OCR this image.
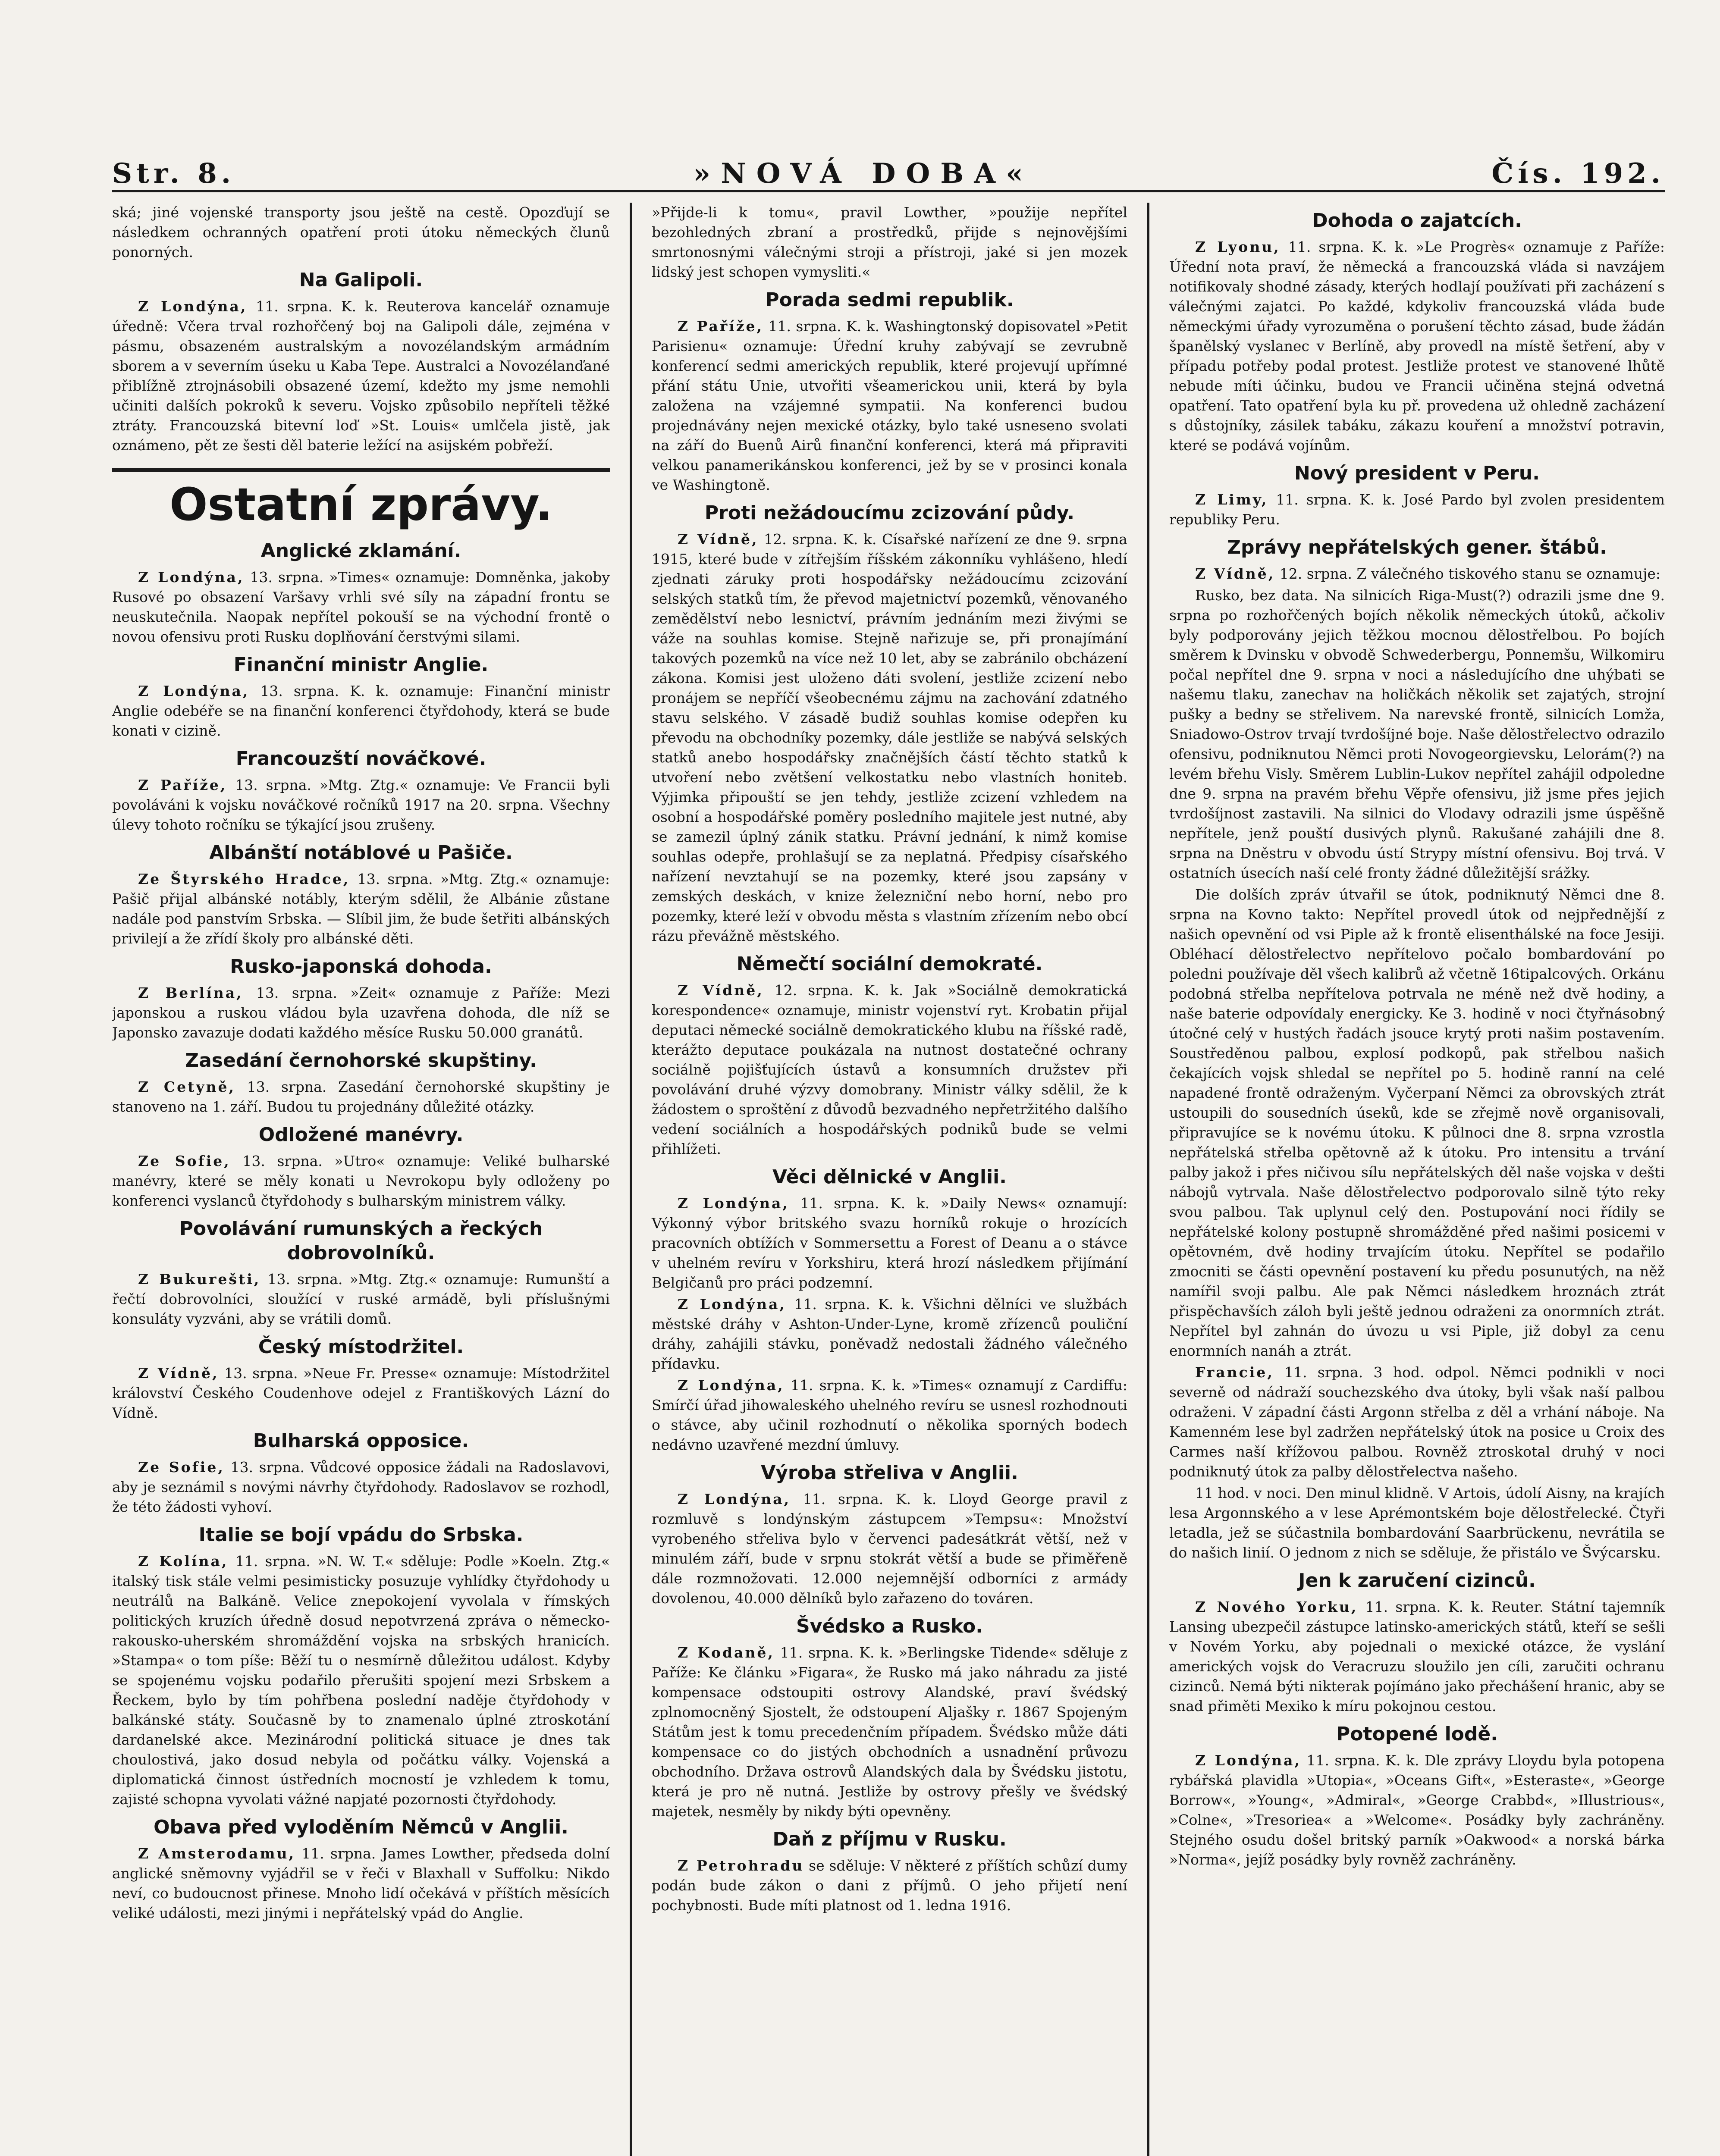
Str. 8.	»NOVÁ DOBA«	Čís. 192.

ská; jiné vojenské transporty jsou ještě na cestě. Opozďují se následkem ochranných opatření proti útoku německých člunů ponorných.

Na Galipoli.

Z Londýna, 11. srpna. K. k. Reuterova kancelář oznamuje úředně: Včera trval rozhořčený boj na Galipoli dále, zejména v pásmu, obsazeném australským a novozélandským armádním sborem a v severním úseku u Kaba Tepe. Australci a Novozélanďané přiblížně ztrojnásobili obsazené území, kdežto my jsme nemohli učiniti dalších pokroků k severu. Vojsko způsobilo nepříteli těžké ztráty. Francouzská bitevní loď »St. Louis« umlčela jistě, jak oznámeno, pět ze šesti děl baterie ležící na asijském pobřeží.

Ostatní zprávy.
Anglické zklamání.

Z Londýna, 13. srpna. »Times« oznamuje: Domněnka, jakoby Rusové po obsazení Varšavy vrhli své síly na západní frontu se neuskutečnila. Naopak nepřítel pokouší se na východní frontě o novou ofensivu proti Rusku doplňování čerstvými silami.

Finanční ministr Anglie.

Z Londýna, 13. srpna. K. k. oznamuje: Finanční ministr Anglie odebéře se na finanční konferenci čtyřdohody, která se bude konati v cizině.

Francouzští nováčkové.

Z Paříže, 13. srpna. »Mtg. Ztg.« oznamuje: Ve Francii byli povoláváni k vojsku nováčkové ročníků 1917 na 20. srpna. Všechny úlevy tohoto ročníku se týkající jsou zrušeny.

Albánští notáblové u Pašiče.

Ze Štyrského Hradce, 13. srpna. »Mtg. Ztg.« oznamuje: Pašič přijal albánské notábly, kterým sdělil, že Albánie zůstane nadále pod panstvím Srbska. — Slíbil jim, že bude šetřiti albánských privilejí a že zřídí školy pro albánské děti.

Rusko-japonská dohoda.

Z Berlína, 13. srpna. »Zeit« oznamuje z Paříže: Mezi japonskou a ruskou vládou byla uzavřena dohoda, dle níž se Japonsko zavazuje dodati každého měsíce Rusku 50.000 granátů.

Zasedání černohorské skupštiny.

Z Cetyně, 13. srpna. Zasedání černohorské skupštiny je stanoveno na 1. září. Budou tu projednány důležité otázky.

Odložené manévry.

Ze Sofie, 13. srpna. »Utro« oznamuje: Veliké bulharské manévry, které se měly konati u Nevrokopu byly odloženy po konferenci vyslanců čtyřdohody s bulharským ministrem války.

Povolávání rumunských a řeckých dobrovolníků.

Z Bukurešti, 13. srpna. »Mtg. Ztg.« oznamuje: Rumunští a řečtí dobrovolníci, sloužící v ruské armádě, byli příslušnými konsuláty vyzváni, aby se vrátili domů.

Český místodržitel.

Z Vídně, 13. srpna. »Neue Fr. Presse« oznamuje: Místodržitel království Českého Coudenhove odejel z Františkových Lázní do Vídně.

Bulharská opposice.

Ze Sofie, 13. srpna. Vůdcové opposice žádali na Radoslavovi, aby je seznámil s novými návrhy čtyřdohody. Radoslavov se rozhodl, že této žádosti vyhoví.

Italie se bojí vpádu do Srbska.

Z Kolína, 11. srpna. »N. W. T.« sděluje: Podle »Koeln. Ztg.« italský tisk stále velmi pesimisticky posuzuje vyhlídky čtyřdohody u neutrálů na Balkáně. Velice znepokojení vyvolala v římských politických kruzích úředně dosud nepotvrzená zpráva o německo-rakousko-uherském shromáždění vojska na srbských hranicích. »Stampa« o tom píše: Běží tu o nesmírně důležitou událost. Kdyby se spojenému vojsku podařilo přerušiti spojení mezi Srbskem a Řeckem, bylo by tím pohřbena poslední naděje čtyřdohody v balkánské státy. Současně by to znamenalo úplné ztroskotání dardanelské akce. Mezinárodní politická situace je dnes tak choulostivá, jako dosud nebyla od počátku války. Vojenská a diplomatická činnost ústředních mocností je vzhledem k tomu, zajisté schopna vyvolati vážné napjaté pozornosti čtyřdohody.

Obava před vyloděním Němců v Anglii.

Z Amsterodamu, 11. srpna. James Lowther, předseda dolní anglické sněmovny vyjádřil se v řeči v Blaxhall v Suffolku: Nikdo neví, co budoucnost přinese. Mnoho lidí očekává v příštích měsících veliké události, mezi jinými i nepřátelský vpád do Anglie.

»Přijde-li k tomu«, pravil Lowther, »použije nepřítel bezohledných zbraní a prostředků, přijde s nejnovějšími smrtonosnými válečnými stroji a přístroji, jaké si jen mozek lidský jest schopen vymysliti.«

Porada sedmi republik.

Z Paříže, 11. srpna. K. k. Washingtonský dopisovatel »Petit Parisienu« oznamuje: Úřední kruhy zabývají se zevrubně konferencí sedmi amerických republik, které projevují upřímné přání státu Unie, utvořiti všeamerickou unii, která by byla založena na vzájemné sympatii. Na konferenci budou projednávány nejen mexické otázky, bylo také usneseno svolati na září do Buenů Airů finanční konferenci, která má připraviti velkou panamerikánskou konferenci, jež by se v prosinci konala ve Washingtoně.

Proti nežádoucímu zcizování půdy.

Z Vídně, 12. srpna. K. k. Císařské nařízení ze dne 9. srpna 1915, které bude v zítřejším říšském zákonníku vyhlášeno, hledí zjednati záruky proti hospodářsky nežádoucímu zcizování selských statků tím, že převod majetnictví pozemků, věnovaného zemědělství nebo lesnictví, právním jednáním mezi živými se váže na souhlas komise. Stejně nařizuje se, při pronajímání takových pozemků na více než 10 let, aby se zabránilo obcházení zákona. Komisi jest uloženo dáti svolení, jestliže zcizení nebo pronájem se nepříčí všeobecnému zájmu na zachování zdatného stavu selského. V zásadě budiž souhlas komise odepřen ku převodu na obchodníky pozemky, dále jestliže se nabývá selských statků anebo hospodářsky značnějších částí těchto statků k utvoření nebo zvětšení velkostatku nebo vlastních honiteb. Výjimka připouští se jen tehdy, jestliže zcizení vzhledem na osobní a hospodářské poměry posledního majitele jest nutné, aby se zamezil úplný zánik statku. Právní jednání, k nimž komise souhlas odepře, prohlašují se za neplatná. Předpisy císařského nařízení nevztahují se na pozemky, které jsou zapsány v zemských deskách, v knize železniční nebo horní, nebo pro pozemky, které leží v obvodu města s vlastním zřízením nebo obcí rázu převážně městského.

Němečtí sociální demokraté.

Z Vídně, 12. srpna. K. k. Jak »Sociálně demokratická korespondence« oznamuje, ministr vojenství ryt. Krobatin přijal deputaci německé sociálně demokratického klubu na říšské radě, kterážto deputace poukázala na nutnost dostatečné ochrany sociálně pojišťujících ústavů a konsumních družstev při povolávání druhé výzvy domobrany. Ministr války sdělil, že k žádostem o sproštění z důvodů bezvadného nepřetržitého dalšího vedení sociálních a hospodářských podniků bude se velmi přihlížeti.

Věci dělnické v Anglii.

Z Londýna, 11. srpna. K. k. »Daily News« oznamují: Výkonný výbor britského svazu horníků rokuje o hrozících pracovních obtížích v Sommersettu a Forest of Deanu a o stávce v uhelném revíru v Yorkshiru, která hrozí následkem přijímání Belgičanů pro práci podzemní.

Z Londýna, 11. srpna. K. k. Všichni dělníci ve službách městské dráhy v Ashton-Under-Lyne, kromě zřízenců pouliční dráhy, zahájili stávku, poněvadž nedostali žádného válečného přídavku.

Z Londýna, 11. srpna. K. k. »Times« oznamují z Cardiffu: Smírčí úřad jihowaleského uhelného revíru se usnesl rozhodnouti o stávce, aby učinil rozhodnutí o několika sporných bodech nedávno uzavřené mezdní úmluvy.

Výroba střeliva v Anglii.

Z Londýna, 11. srpna. K. k. Lloyd George pravil z rozmluvě s londýnským zástupcem »Tempsu«: Množství vyrobeného střeliva bylo v červenci padesátkrát větší, než v minulém září, bude v srpnu stokrát větší a bude se přiměřeně dále rozmnožovati. 12.000 nejemnější odborníci z armády dovolenou, 40.000 dělníků bylo zařazeno do továren.

Švédsko a Rusko.

Z Kodaně, 11. srpna. K. k. »Berlingske Tidende« sděluje z Paříže: Ke článku »Figara«, že Rusko má jako náhradu za jisté kompensace odstoupiti ostrovy Alandské, praví švédský zplnomocněný Sjostelt, že odstoupení Aljašky r. 1867 Spojeným Státům jest k tomu precedenčním případem. Švédsko může dáti kompensace co do jistých obchodních a usnadnění průvozu obchodního. Država ostrovů Alandských dala by Švédsku jistotu, která je pro ně nutná. Jestliže by ostrovy přešly ve švédský majetek, nesměly by nikdy býti opevněny.

Daň z příjmu v Rusku.

Z Petrohradu se sděluje: V některé z příštích schůzí dumy podán bude zákon o dani z příjmů. O jeho přijetí není pochybnosti. Bude míti platnost od 1. ledna 1916.

Dohoda o zajatcích.

Z Lyonu, 11. srpna. K. k. »Le Progrès« oznamuje z Paříže: Úřední nota praví, že německá a francouzská vláda si navzájem notifikovaly shodné zásady, kterých hodlají používati při zacházení s válečnými zajatci. Po každé, kdykoliv francouzská vláda bude německými úřady vyrozuměna o porušení těchto zásad, bude žádán španělský vyslanec v Berlíně, aby provedl na místě šetření, aby v případu potřeby podal protest. Jestliže protest ve stanovené lhůtě nebude míti účinku, budou ve Francii učiněna stejná odvetná opatření. Tato opatření byla ku př. provedena už ohledně zacházení s důstojníky, zásilek tabáku, zákazu kouření a množství potravin, které se podává vojínům.

Nový president v Peru.

Z Limy, 11. srpna. K. k. José Pardo byl zvolen presidentem republiky Peru.

Zprávy nepřátelských gener. štábů.

Z Vídně, 12. srpna. Z válečného tiskového stanu se oznamuje:

Rusko, bez data. Na silnicích Riga-Must(?) odrazili jsme dne 9. srpna po rozhořčených bojích několik německých útoků, ačkoliv byly podporovány jejich těžkou mocnou dělostřelbou. Po bojích směrem k Dvinsku v obvodě Schwederbergu, Ponnemšu, Wilkomiru počal nepřítel dne 9. srpna v noci a následujícího dne uhýbati se našemu tlaku, zanechav na holičkách několik set zajatých, strojní pušky a bedny se střelivem. Na narevské frontě, silnicích Lomža, Sniadowo-Ostrov trvají tvrdošíjné boje. Naše dělostřelectvo odrazilo ofensivu, podniknutou Němci proti Novogeorgievsku, Lelorám(?) na levém břehu Visly. Směrem Lublin-Lukov nepřítel zahájil odpoledne dne 9. srpna na pravém břehu Věpře ofensivu, již jsme přes jejich tvrdošíjnost zastavili. Na silnici do Vlodavy odrazili jsme úspěšně nepřítele, jenž pouští dusivých plynů. Rakušané zahájili dne 8. srpna na Dněstru v obvodu ústí Strypy místní ofensivu. Boj trvá. V ostatních úsecích naší celé fronty žádné důležitější srážky.

Die dolších zpráv útvařil se útok, podniknutý Němci dne 8. srpna na Kovno takto: Nepřítel provedl útok od nejpřednější z našich opevnění od vsi Piple až k frontě elisenthálské na foce Jesiji. Obléhací dělostřelectvo nepřítelovo počalo bombardování po poledni používaje děl všech kalibrů až včetně 16tipalcových. Orkánu podobná střelba nepřítelova potrvala ne méně než dvě hodiny, a naše baterie odpovídaly energicky. Ke 3. hodině v noci čtyřnásobný útočné celý v hustých řadách jsouce krytý proti našim postavením. Soustředěnou palbou, explosí podkopů, pak střelbou našich čekajících vojsk shledal se nepřítel po 5. hodině ranní na celé napadené frontě odraženým. Vyčerpaní Němci za obrovských ztrát ustoupili do sousedních úseků, kde se zřejmě nově organisovali, připravujíce se k novému útoku. K půlnoci dne 8. srpna vzrostla nepřátelská střelba opětovně až k útoku. Pro intensitu a trvání palby jakož i přes ničivou sílu nepřátelských děl naše vojska v dešti nábojů vytrvala. Naše dělostřelectvo podporovalo silně týto reky svou palbou. Tak uplynul celý den. Postupování noci řídily se nepřátelské kolony postupně shromážděné před našimi posicemi v opětovném, dvě hodiny trvajícím útoku. Nepřítel se podařilo zmocniti se části opevnění postavení ku předu posunutých, na něž namířil svoji palbu. Ale pak Němci následkem hroznách ztrát přispěchavších záloh byli ještě jednou odraženi za onormních ztrát. Nepřítel byl zahnán do úvozu u vsi Piple, již dobyl za cenu enormních nanáh a ztrát.

Francie, 11. srpna. 3 hod. odpol. Němci podnikli v noci severně od nádraží souchezského dva útoky, byli však naší palbou odraženi. V západní části Argonn střelba z děl a vrhání náboje. Na Kamenném lese byl zadržen nepřátelský útok na posice u Croix des Carmes naší křížovou palbou. Rovněž ztroskotal druhý v noci podniknutý útok za palby dělostřelectva našeho.

11 hod. v noci. Den minul klidně. V Artois, údolí Aisny, na krajích lesa Argonnského a v lese Aprémontském boje dělostřelecké. Čtyři letadla, jež se súčastnila bombardování Saarbrückenu, nevrátila se do našich linií. O jednom z nich se sděluje, že přistálo ve Švýcarsku.

Jen k zaručení cizinců.

Z Nového Yorku, 11. srpna. K. k. Reuter. Státní tajemník Lansing ubezpečil zástupce latinsko-amerických států, kteří se sešli v Novém Yorku, aby pojednali o mexické otázce, že vyslání amerických vojsk do Veracruzu sloužilo jen cíli, zaručiti ochranu cizinců. Nemá býti nikterak pojímáno jako přechášení hranic, aby se snad přiměti Mexiko k míru pokojnou cestou.

Potopené lodě.

Z Londýna, 11. srpna. K. k. Dle zprávy Lloydu byla potopena rybářská plavidla »Utopia«, »Oceans Gift«, »Esteraste«, »George Borrow«, »Young«, »Admiral«, »George Crabbd«, »Illustrious«, »Colne«, »Tresoriea« a »Welcome«. Posádky byly zachráněny. Stejného osudu došel britský parník »Oakwood« a norská bárka »Norma«, jejíž posádky byly rovněž zachráněny.
